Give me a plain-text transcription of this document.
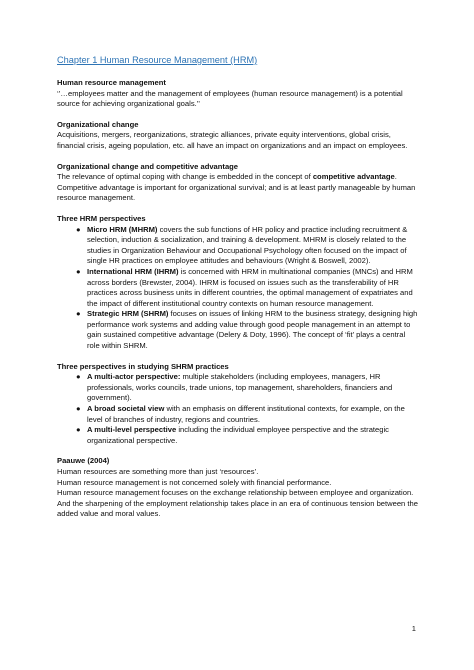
Chapter 1 Human Resource Management (HRM)

Human resource management

‘’…employees matter and the management of employees (human resource management) is a potential source for achieving organizational goals.’’

Organizational change

Acquisitions, mergers, reorganizations, strategic alliances, private equity interventions, global crisis, financial crisis, ageing population, etc. all have an impact on organizations and an impact on employees.

Organizational change and competitive advantage

The relevance of optimal coping with change is embedded in the concept of competitive advantage. Competitive advantage is important for organizational survival; and is at least partly manageable by human resource management.

Three HRM perspectives

● Micro HRM (MHRM) covers the sub functions of HR policy and practice including recruitment & selection, induction & socialization, and training & development. MHRM is closely related to the studies in Organization Behaviour and Occupational Psychology often focused on the impact of single HR practices on employee attitudes and behaviours (Wright & Boswell, 2002).
● International HRM (IHRM) is concerned with HRM in multinational companies (MNCs) and HRM across borders (Brewster, 2004). IHRM is focused on issues such as the transferability of HR practices across business units in different countries, the optimal management of expatriates and the impact of different institutional country contexts on human resource management.
● Strategic HRM (SHRM) focuses on issues of linking HRM to the business strategy, designing high performance work systems and adding value through good people management in an attempt to gain sustained competitive advantage (Delery & Doty, 1996). The concept of ‘fit’ plays a central role within SHRM.

Three perspectives in studying SHRM practices

● A multi-actor perspective: multiple stakeholders (including employees, managers, HR professionals, works councils, trade unions, top management, shareholders, financiers and government).
● A broad societal view with an emphasis on different institutional contexts, for example, on the level of branches of industry, regions and countries.
● A multi-level perspective including the individual employee perspective and the strategic organizational perspective.

Paauwe (2004)

Human resources are something more than just ‘resources’.

Human resource management is not concerned solely with financial performance.

Human resource management focuses on the exchange relationship between employee and organization.

And the sharpening of the employment relationship takes place in an era of continuous tension between the added value and moral values.

1
